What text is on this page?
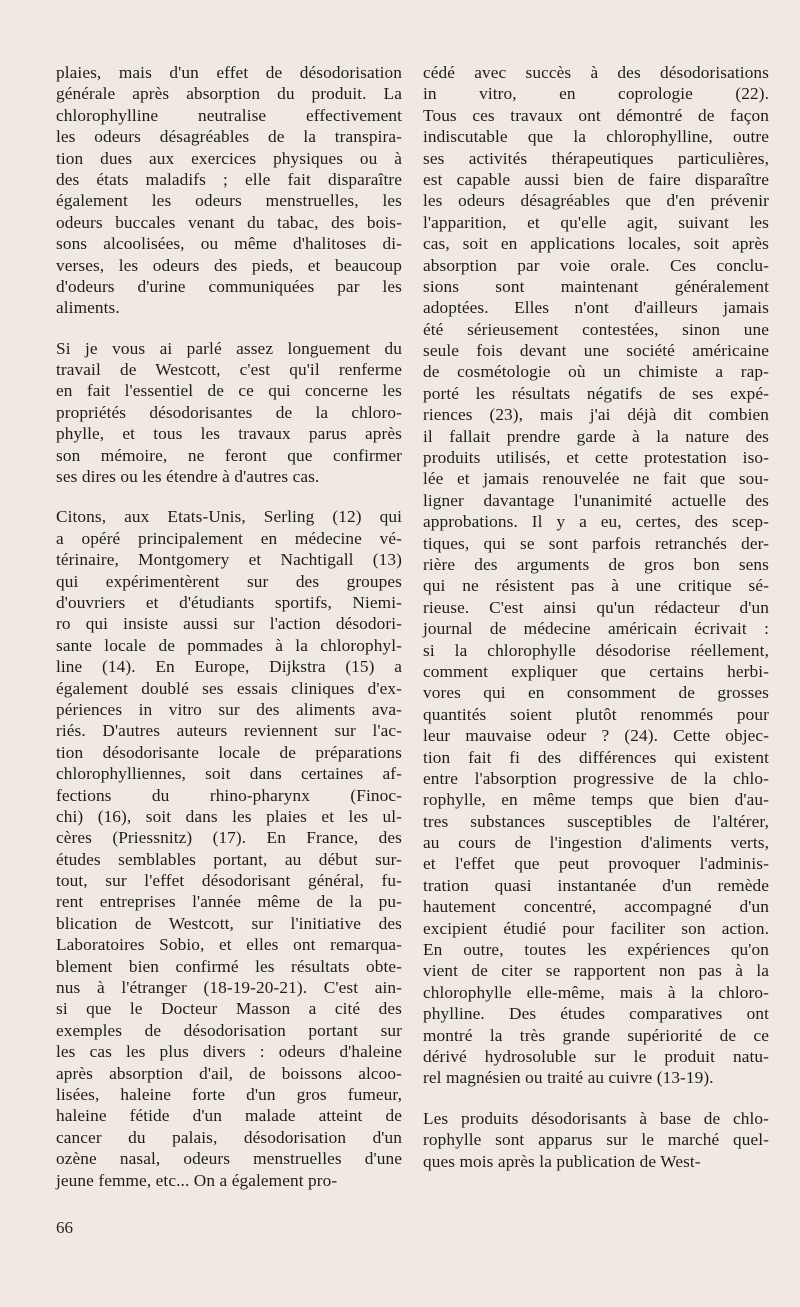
plaies, mais d'un effet de désodorisation
générale après absorption du produit. La
chlorophylline neutralise effectivement
les odeurs désagréables de la transpira-
tion dues aux exercices physiques ou à
des états maladifs ; elle fait disparaître
également les odeurs menstruelles, les
odeurs buccales venant du tabac, des bois-
sons alcoolisées, ou même d'halitoses di-
verses, les odeurs des pieds, et beaucoup
d'odeurs d'urine communiquées par les
aliments.
Si je vous ai parlé assez longuement du
travail de Westcott, c'est qu'il renferme
en fait l'essentiel de ce qui concerne les
propriétés désodorisantes de la chloro-
phylle, et tous les travaux parus après
son mémoire, ne feront que confirmer
ses dires ou les étendre à d'autres cas.
Citons, aux Etats-Unis, Serling (12) qui
a opéré principalement en médecine vé-
térinaire, Montgomery et Nachtigall (13)
qui expérimentèrent sur des groupes
d'ouvriers et d'étudiants sportifs, Niemi-
ro qui insiste aussi sur l'action désodori-
sante locale de pommades à la chlorophyl-
line (14). En Europe, Dijkstra (15) a
également doublé ses essais cliniques d'ex-
périences in vitro sur des aliments ava-
riés. D'autres auteurs reviennent sur l'ac-
tion désodorisante locale de préparations
chlorophylliennes, soit dans certaines af-
fections du rhino-pharynx (Finoc-
chi) (16), soit dans les plaies et les ul-
cères (Priessnitz) (17). En France, des
études semblables portant, au début sur-
tout, sur l'effet désodorisant général, fu-
rent entreprises l'année même de la pu-
blication de Westcott, sur l'initiative des
Laboratoires Sobio, et elles ont remarqua-
blement bien confirmé les résultats obte-
nus à l'étranger (18-19-20-21). C'est ain-
si que le Docteur Masson a cité des
exemples de désodorisation portant sur
les cas les plus divers : odeurs d'haleine
après absorption d'ail, de boissons alcoo-
lisées, haleine forte d'un gros fumeur,
haleine fétide d'un malade atteint de
cancer du palais, désodorisation d'un
ozène nasal, odeurs menstruelles d'une
jeune femme, etc... On a également pro-
cédé avec succès à des désodorisations
in vitro, en coprologie (22).
Tous ces travaux ont démontré de façon
indiscutable que la chlorophylline, outre
ses activités thérapeutiques particulières,
est capable aussi bien de faire disparaître
les odeurs désagréables que d'en prévenir
l'apparition, et qu'elle agit, suivant les
cas, soit en applications locales, soit après
absorption par voie orale. Ces conclu-
sions sont maintenant généralement
adoptées. Elles n'ont d'ailleurs jamais
été sérieusement contestées, sinon une
seule fois devant une société américaine
de cosmétologie où un chimiste a rap-
porté les résultats négatifs de ses expé-
riences (23), mais j'ai déjà dit combien
il fallait prendre garde à la nature des
produits utilisés, et cette protestation iso-
lée et jamais renouvelée ne fait que sou-
ligner davantage l'unanimité actuelle des
approbations. Il y a eu, certes, des scep-
tiques, qui se sont parfois retranchés der-
rière des arguments de gros bon sens
qui ne résistent pas à une critique sé-
rieuse. C'est ainsi qu'un rédacteur d'un
journal de médecine américain écrivait :
si la chlorophylle désodorise réellement,
comment expliquer que certains herbi-
vores qui en consomment de grosses
quantités soient plutôt renommés pour
leur mauvaise odeur ? (24). Cette objec-
tion fait fi des différences qui existent
entre l'absorption progressive de la chlo-
rophylle, en même temps que bien d'au-
tres substances susceptibles de l'altérer,
au cours de l'ingestion d'aliments verts,
et l'effet que peut provoquer l'adminis-
tration quasi instantanée d'un remède
hautement concentré, accompagné d'un
excipient étudié pour faciliter son action.
En outre, toutes les expériences qu'on
vient de citer se rapportent non pas à la
chlorophylle elle-même, mais à la chloro-
phylline. Des études comparatives ont
montré la très grande supériorité de ce
dérivé hydrosoluble sur le produit natu-
rel magnésien ou traité au cuivre (13-19).
Les produits désodorisants à base de chlo-
rophylle sont apparus sur le marché quel-
ques mois après la publication de West-
66
